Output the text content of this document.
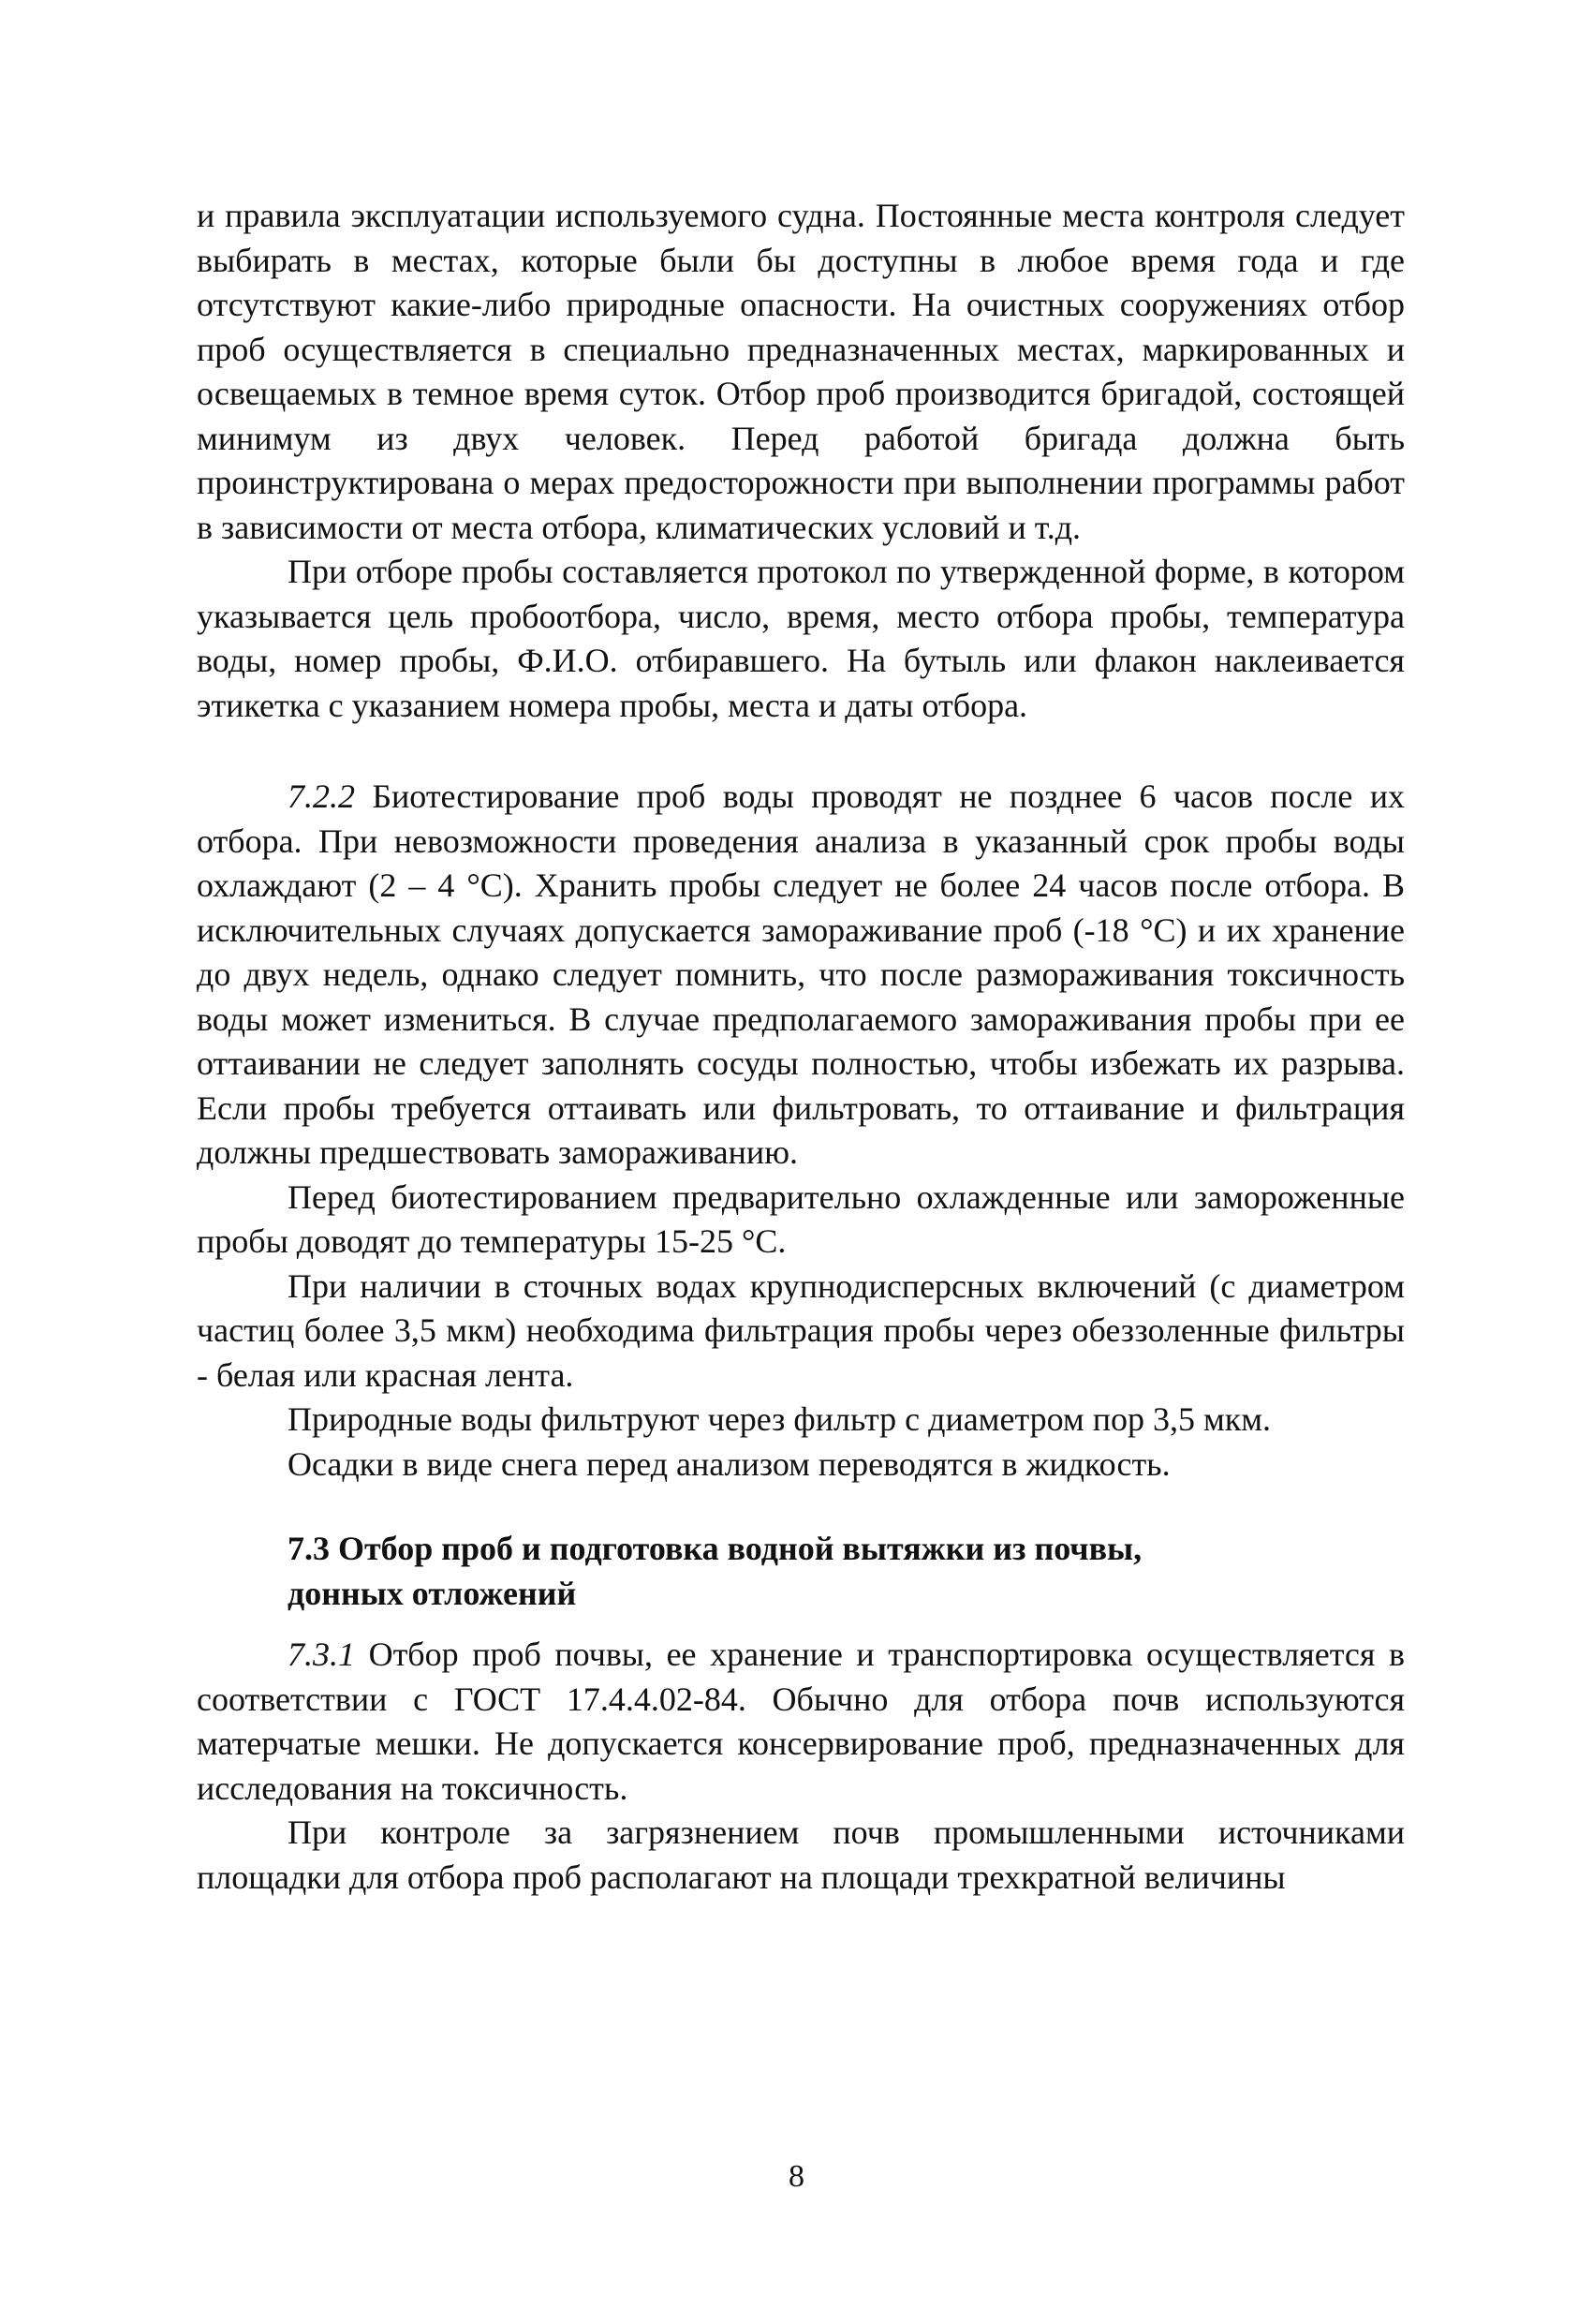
и правила эксплуатации используемого судна. Постоянные места контроля следует выбирать в местах, которые были бы доступны в любое время года и где отсутствуют какие-либо природные опасности. На очистных сооружениях отбор проб осуществляется в специально предназначенных местах, маркированных и освещаемых в темное время суток. Отбор проб производится бригадой, состоящей минимум из двух человек. Перед работой бригада должна быть проинструктирована о мерах предосторожности при выполнении программы работ в зависимости от места отбора, климатических условий и т.д.

При отборе пробы составляется протокол по утвержденной форме, в котором указывается цель пробоотбора, число, время, место отбора пробы, температура воды, номер пробы, Ф.И.О. отбиравшего. На бутыль или флакон наклеивается этикетка с указанием номера пробы, места и даты отбора.

7.2.2 Биотестирование проб воды проводят не позднее 6 часов после их отбора. При невозможности проведения анализа в указанный срок пробы воды охлаждают (2 – 4 °С). Хранить пробы следует не более 24 часов после отбора. В исключительных случаях допускается замораживание проб (-18 °С) и их хранение до двух недель, однако следует помнить, что после размораживания токсичность воды может измениться. В случае предполагаемого замораживания пробы при ее оттаивании не следует заполнять сосуды полностью, чтобы избежать их разрыва. Если пробы требуется оттаивать или фильтровать, то оттаивание и фильтрация должны предшествовать замораживанию.

Перед биотестированием предварительно охлажденные или замороженные пробы доводят до температуры 15-25 °С.

При наличии в сточных водах крупнодисперсных включений (с диаметром частиц более 3,5 мкм) необходима фильтрация пробы через обеззоленные фильтры - белая или красная лента.

Природные воды фильтруют через фильтр с диаметром пор 3,5 мкм.

Осадки в виде снега перед анализом переводятся в жидкость.

7.3 Отбор проб и подготовка водной вытяжки из почвы,
донных отложений

7.3.1 Отбор проб почвы, ее хранение и транспортировка осуществляется в соответствии с ГОСТ 17.4.4.02-84. Обычно для отбора почв используются матерчатые мешки. Не допускается консервирование проб, предназначенных для исследования на токсичность.

При контроле за загрязнением почв промышленными источниками площадки для отбора проб располагают на площади трехкратной величины

8
